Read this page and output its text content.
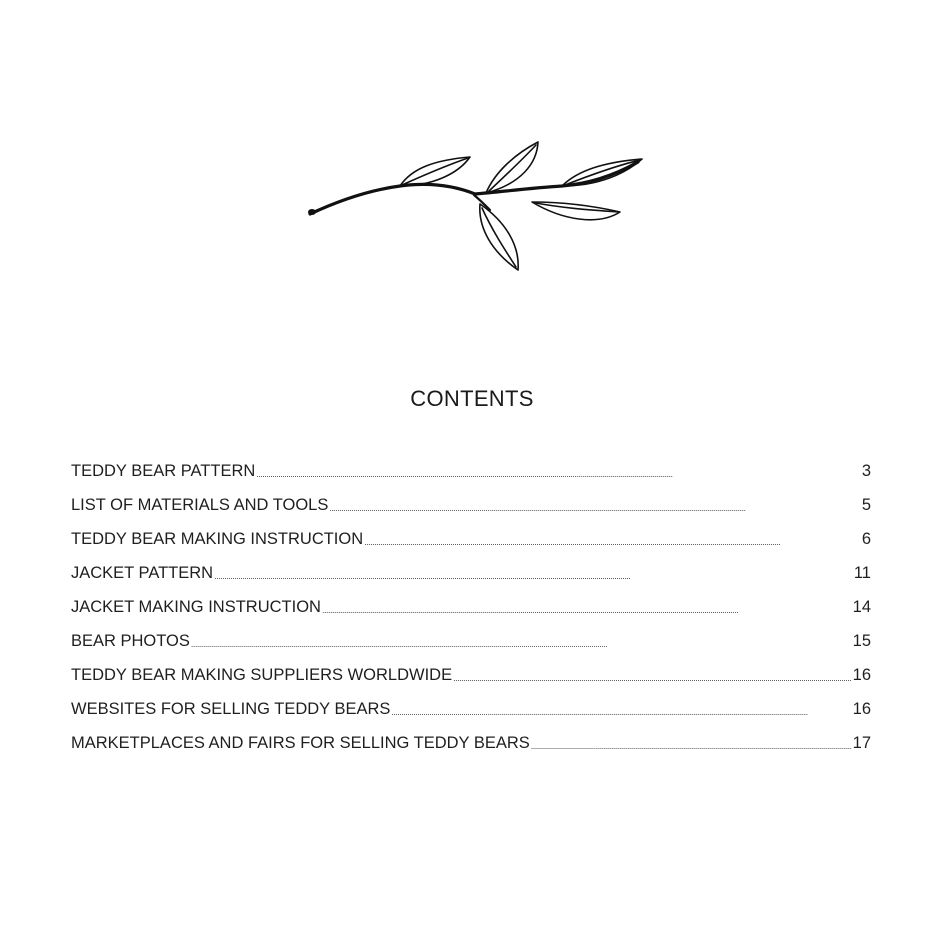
CONTENTS
TEDDY BEAR PATTERN . . .	3
LIST OF MATERIALS AND TOOLS . . .	5
TEDDY BEAR MAKING INSTRUCTION . . .	6
JACKET PATTERN . . .	11
JACKET MAKING INSTRUCTION . . .	14
BEAR PHOTOS . . .	15
TEDDY BEAR MAKING SUPPLIERS WORLDWIDE . . .	16
WEBSITES FOR SELLING TEDDY BEARS . . .	16
MARKETPLACES AND FAIRS FOR SELLING TEDDY BEARS . . .	17
